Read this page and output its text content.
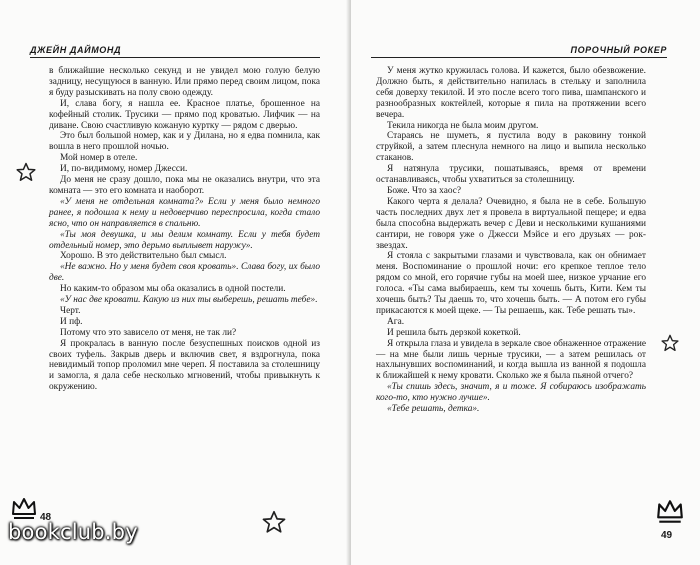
ДЖЕЙН ДАЙМОНД

в ближайшие несколько секунд и не увидел мою голую белую задницу, несущуюся в ванную. Или прямо перед своим лицом, пока я буду разыскивать на полу свою одежду.

И, слава богу, я нашла ее. Красное платье, брошенное на кофейный столик. Трусики — прямо под кроватью. Лифчик — на диване. Свою счастливую кожаную куртку — рядом с дверью.

Это был большой номер, как и у Дилана, но я едва помнила, как вошла в него прошлой ночью.

Мой номер в отеле.

И, по-видимому, номер Джесси.

До меня не сразу дошло, пока мы не оказались внутри, что эта комната — это его комната и наоборот.

«У меня не отдельная комната?» Если у меня было немного ранее, я подошла к нему и недоверчиво переспросила, когда стало ясно, что он направляется в спальню.

«Ты моя девушка, и мы делим комнату. Если у тебя будет отдельный номер, это дерьмо выплывет наружу».

Хорошо. В это действительно был смысл.

«Не важно. Но у меня будет своя кровать». Слава богу, их было две.

Но каким-то образом мы оба оказались в одной постели.

«У нас две кровати. Какую из них ты выберешь, решать тебе».

Черт.

И пф.

Потому что это зависело от меня, не так ли?

Я прокралась в ванную после безуспешных поисков одной из своих туфель. Закрыв дверь и включив свет, я вздрогнула, пока невидимый топор проломил мне череп. Я поставила за столешницу и замогла, я дала себе несколько мгновений, чтобы привыкнуть к окружению.

48
ПОРОЧНЫЙ РОКЕР

У меня жутко кружилась голова. И кажется, было обезвожение. Должно быть, я действительно напилась в стельку и заполнила себя доверху текилой. И это после всего того пива, шампанского и разнообразных коктейлей, которые я пила на протяжении всего вечера.

Текила никогда не была моим другом.

Стараясь не шуметь, я пустила воду в раковину тонкой струйкой, а затем плеснула немного на лицо и выпила несколько стаканов.

Я натянула трусики, пошатываясь, время от времени останавливаясь, чтобы ухватиться за столешницу.

Боже. Что за хаос?

Какого черта я делала? Очевидно, я была не в себе. Большую часть последних двух лет я провела в виртуальной пещере; и едва была способна выдержать вечер с Деви и несколькими кушаниями сантири, не говоря уже о Джесси Мэйсе и его друзьях — рок-звездах.

Я стояла с закрытыми глазами и чувствовала, как он обнимает меня. Воспоминание о прошлой ночи: его крепкое теплое тело рядом со мной, его горячие губы на моей шее, низкое урчание его голоса. «Ты сама выбираешь, кем ты хочешь быть, Кити. Кем ты хочешь быть? Ты даешь то, что хочешь быть. — А потом его губы прикасаются к моей щеке. — Ты решаешь, как. Тебе решать ты».

Ага.

И решила быть дерзкой кокеткой.

Я открыла глаза и увидела в зеркале свое обнаженное отражение — на мне были лишь черные трусики, — а затем решилась от нахлынувших воспоминаний, и когда вышла из ванной я подошла к ближайшей к нему кровати. Сколько же я была пьяной отчего?

«Ты спишь здесь, значит, я и тоже. Я собираюсь изображать кого-то, кто нужно лучше».

«Тебе решать, детка».

49
bookclub.by
